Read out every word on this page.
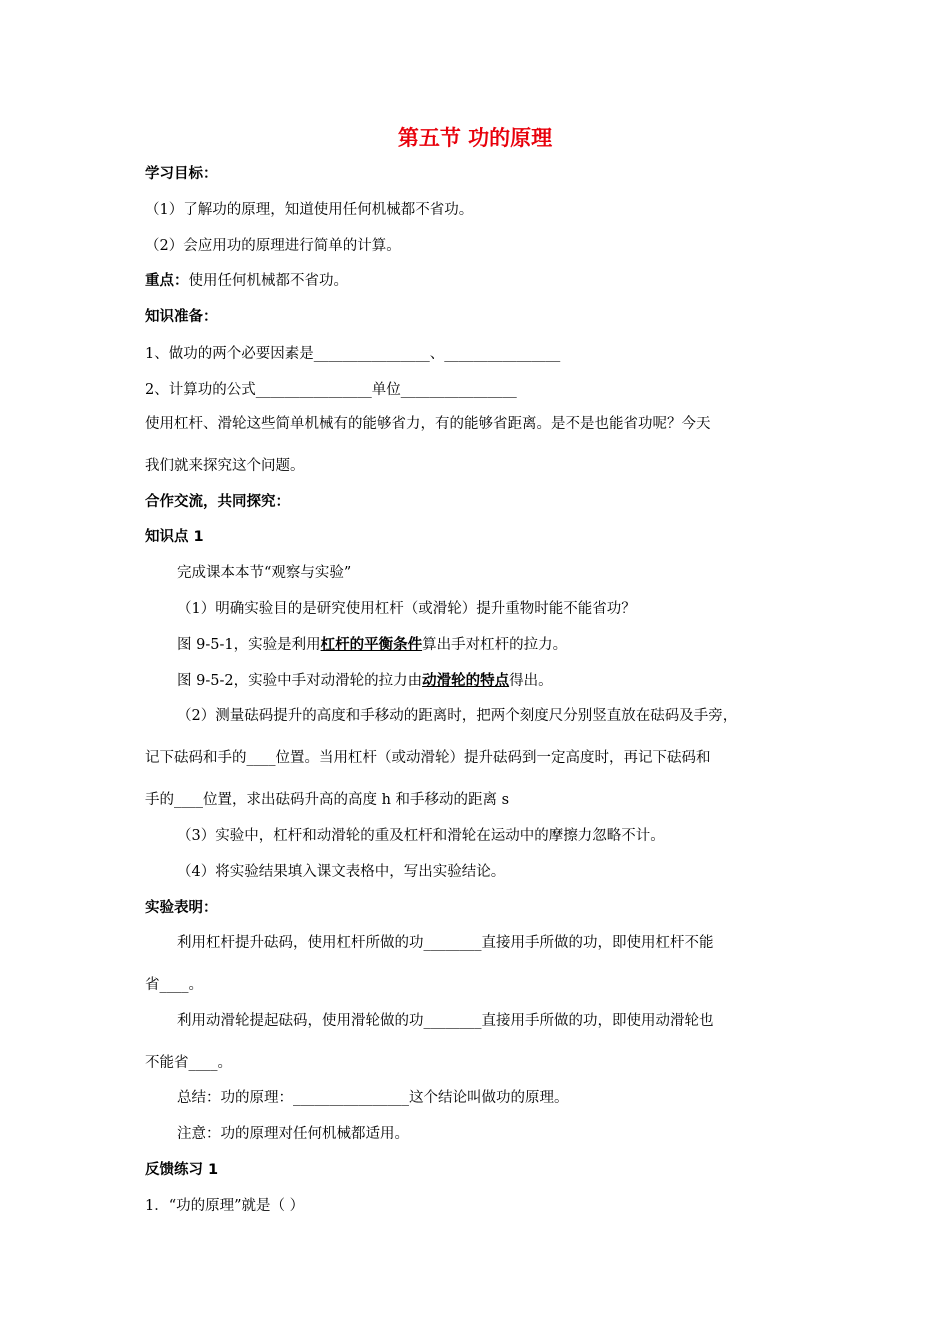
第五节 功的原理
学习目标：
（1）了解功的原理，知道使用任何机械都不省功。
（2）会应用功的原理进行简单的计算。
重点：使用任何机械都不省功。
知识准备：
1、做功的两个必要因素是________________、________________
2、计算功的公式________________单位________________
使用杠杆、滑轮这些简单机械有的能够省力，有的能够省距离。是不是也能省功呢？今天
我们就来探究这个问题。
合作交流，共同探究：
知识点 1
完成课本本节“观察与实验”
（1）明确实验目的是研究使用杠杆（或滑轮）提升重物时能不能省功？
图 9-5-1，实验是利用杠杆的平衡条件算出手对杠杆的拉力。
图 9-5-2，实验中手对动滑轮的拉力由动滑轮的特点得出。
（2）测量砝码提升的高度和手移动的距离时，把两个刻度尺分别竖直放在砝码及手旁，
记下砝码和手的____位置。当用杠杆（或动滑轮）提升砝码到一定高度时，再记下砝码和
手的____位置，求出砝码升高的高度 h 和手移动的距离 s
（3）实验中，杠杆和动滑轮的重及杠杆和滑轮在运动中的摩擦力忽略不计。
（4）将实验结果填入课文表格中，写出实验结论。
实验表明：
利用杠杆提升砝码，使用杠杆所做的功________直接用手所做的功，即使用杠杆不能
省____。
利用动滑轮提起砝码，使用滑轮做的功________直接用手所做的功，即使用动滑轮也
不能省____。
总结：功的原理：________________这个结论叫做功的原理。
注意：功的原理对任何机械都适用。
反馈练习 1
1．“功的原理”就是（ ）
